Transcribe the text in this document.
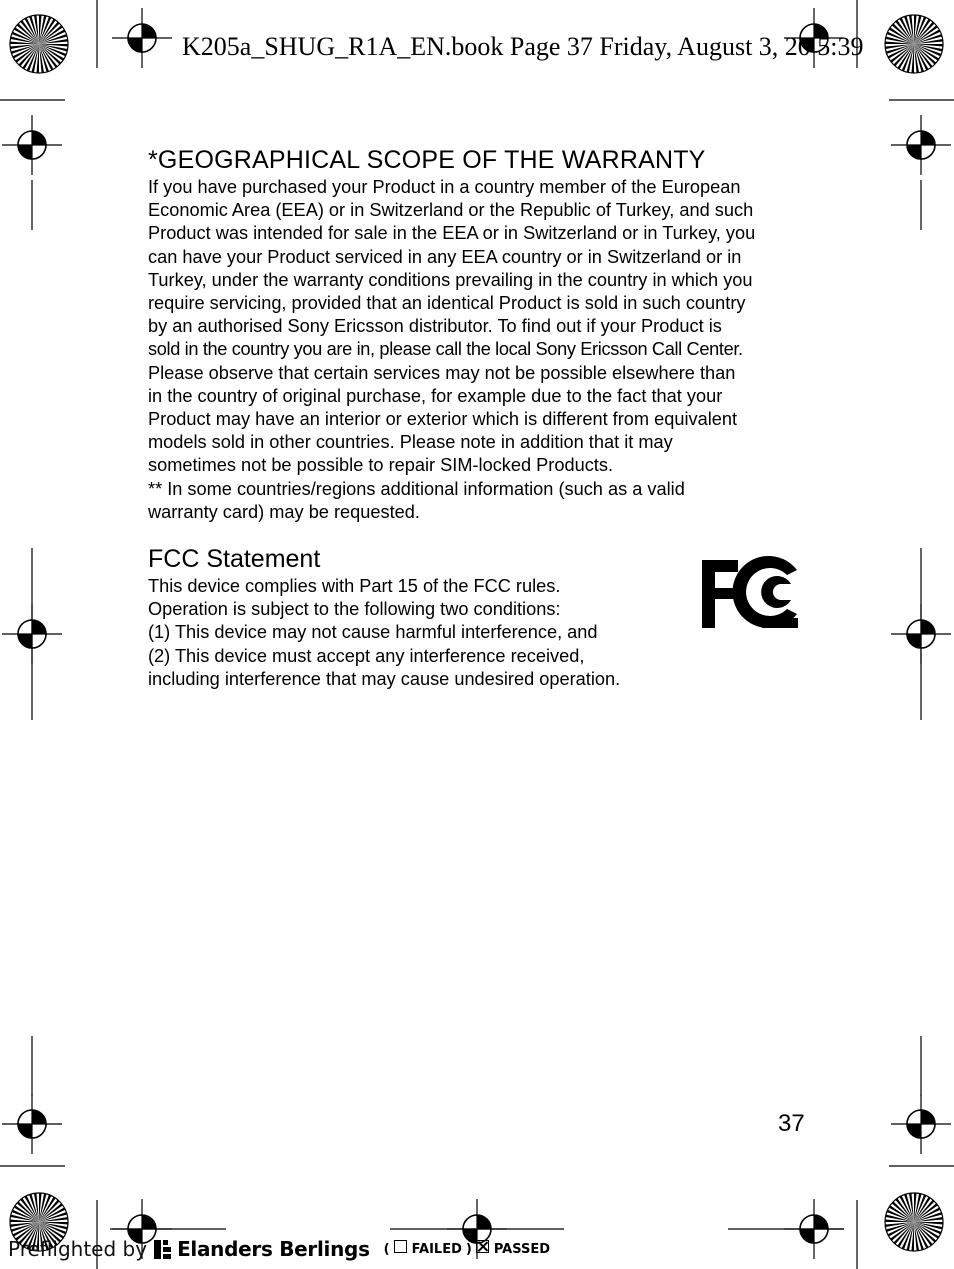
K205a_SHUG_R1A_EN.book Page 37 Friday, August 3, 20 5:39
*GEOGRAPHICAL SCOPE OF THE WARRANTY

If you have purchased your Product in a country member of the European
Economic Area (EEA) or in Switzerland or the Republic of Turkey, and such
Product was intended for sale in the EEA or in Switzerland or in Turkey, you
can have your Product serviced in any EEA country or in Switzerland or in
Turkey, under the warranty conditions prevailing in the country in which you
require servicing, provided that an identical Product is sold in such country
by an authorised Sony Ericsson distributor. To find out if your Product is
sold in the country you are in, please call the local Sony Ericsson Call Center.
Please observe that certain services may not be possible elsewhere than
in the country of original purchase, for example due to the fact that your
Product may have an interior or exterior which is different from equivalent
models sold in other countries. Please note in addition that it may
sometimes not be possible to repair SIM-locked Products.
** In some countries/regions additional information (such as a valid
warranty card) may be requested.

FCC Statement

This device complies with Part 15 of the FCC rules.
Operation is subject to the following two conditions:
(1) This device may not cause harmful interference, and
(2) This device must accept any interference received,
including interference that may cause undesired operation.

37
Preflighted by Elanders Berlings ( FAILED ) PASSED
